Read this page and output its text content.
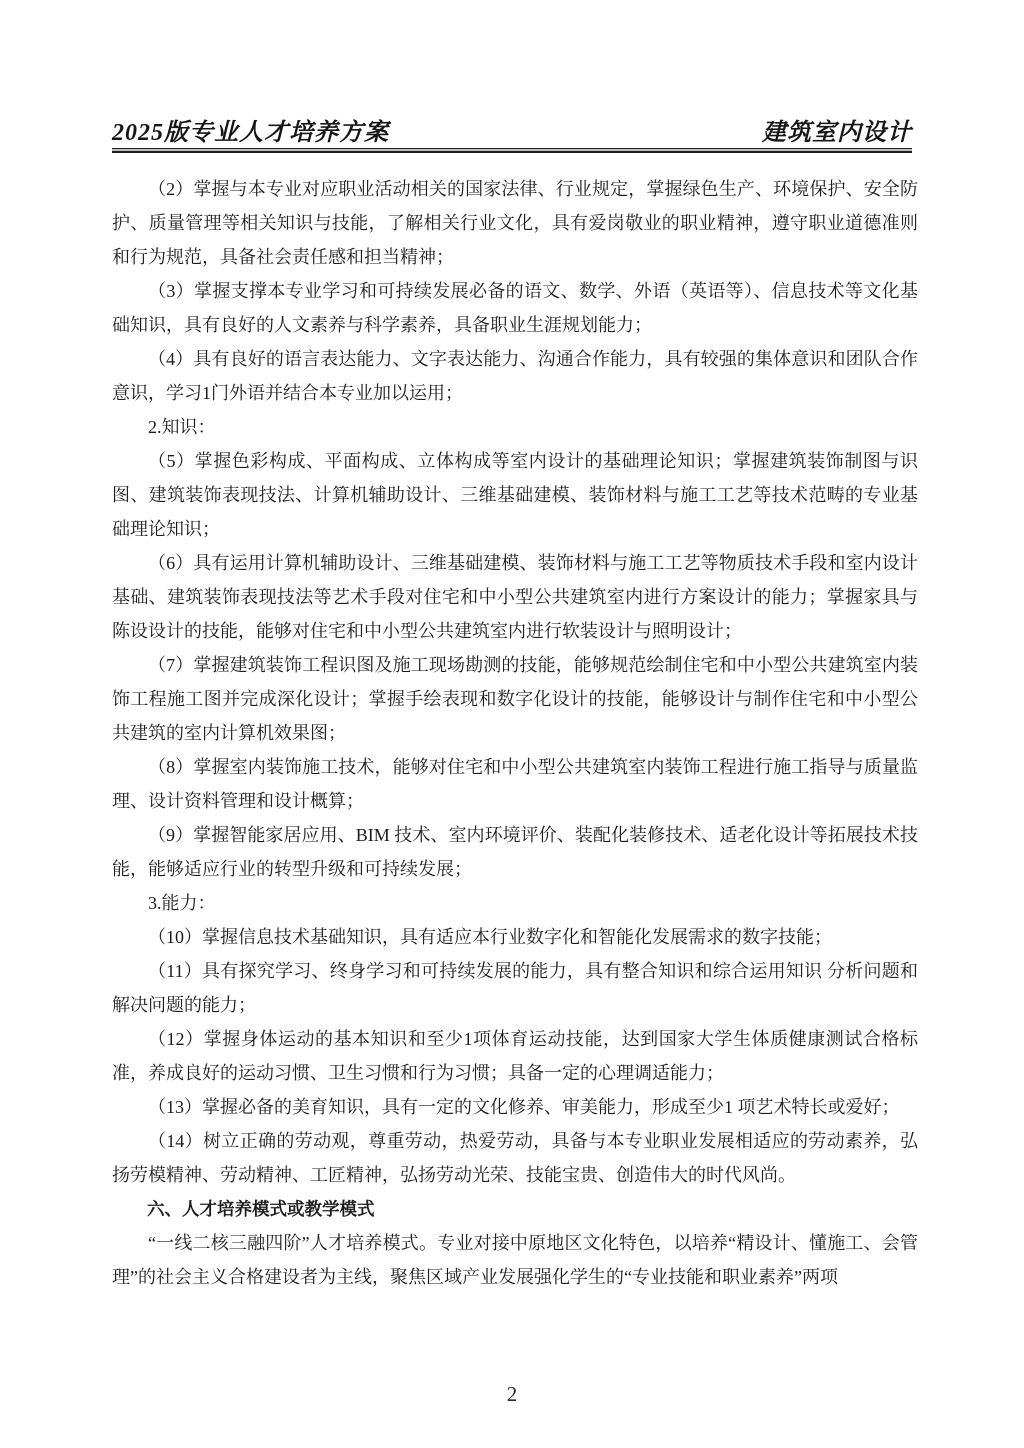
2025版专业人才培养方案	建筑室内设计

（2）掌握与本专业对应职业活动相关的国家法律、行业规定，掌握绿色生产、环境保护、安全防护、质量管理等相关知识与技能，了解相关行业文化，具有爱岗敬业的职业精神，遵守职业道德准则和行为规范，具备社会责任感和担当精神；

（3）掌握支撑本专业学习和可持续发展必备的语文、数学、外语（英语等）、信息技术等文化基础知识，具有良好的人文素养与科学素养，具备职业生涯规划能力；

（4）具有良好的语言表达能力、文字表达能力、沟通合作能力，具有较强的集体意识和团队合作意识，学习1门外语并结合本专业加以运用；

2.知识：

（5）掌握色彩构成、平面构成、立体构成等室内设计的基础理论知识；掌握建筑装饰制图与识图、建筑装饰表现技法、计算机辅助设计、三维基础建模、装饰材料与施工工艺等技术范畴的专业基础理论知识；

（6）具有运用计算机辅助设计、三维基础建模、装饰材料与施工工艺等物质技术手段和室内设计基础、建筑装饰表现技法等艺术手段对住宅和中小型公共建筑室内进行方案设计的能力；掌握家具与陈设设计的技能，能够对住宅和中小型公共建筑室内进行软装设计与照明设计；

（7）掌握建筑装饰工程识图及施工现场勘测的技能，能够规范绘制住宅和中小型公共建筑室内装饰工程施工图并完成深化设计；掌握手绘表现和数字化设计的技能，能够设计与制作住宅和中小型公共建筑的室内计算机效果图；

（8）掌握室内装饰施工技术，能够对住宅和中小型公共建筑室内装饰工程进行施工指导与质量监理、设计资料管理和设计概算；

（9）掌握智能家居应用、BIM 技术、室内环境评价、装配化装修技术、适老化设计等拓展技术技能，能够适应行业的转型升级和可持续发展；

3.能力：

（10）掌握信息技术基础知识，具有适应本行业数字化和智能化发展需求的数字技能；

（11）具有探究学习、终身学习和可持续发展的能力，具有整合知识和综合运用知识 分析问题和解决问题的能力；

（12）掌握身体运动的基本知识和至少1项体育运动技能，达到国家大学生体质健康测试合格标准，养成良好的运动习惯、卫生习惯和行为习惯；具备一定的心理调适能力；

（13）掌握必备的美育知识，具有一定的文化修养、审美能力，形成至少1 项艺术特长或爱好；

（14）树立正确的劳动观，尊重劳动，热爱劳动，具备与本专业职业发展相适应的劳动素养，弘扬劳模精神、劳动精神、工匠精神，弘扬劳动光荣、技能宝贵、创造伟大的时代风尚。

六、人才培养模式或教学模式

“一线二核三融四阶”人才培养模式。专业对接中原地区文化特色，以培养“精设计、懂施工、会管理”的社会主义合格建设者为主线，聚焦区域产业发展强化学生的“专业技能和职业素养”两项

2
